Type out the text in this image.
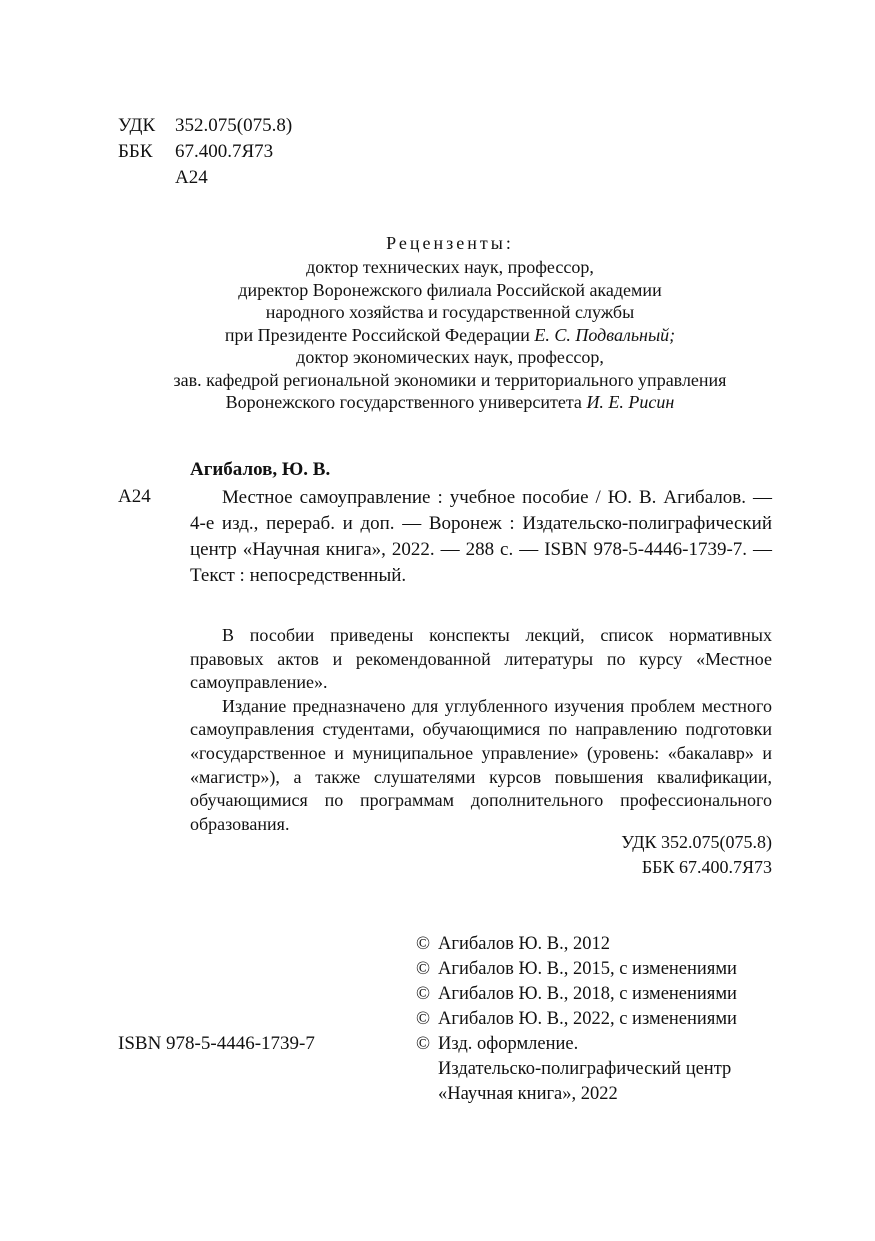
УДК 352.075(075.8)
ББК 67.400.7Я73
А24
Рецензенты:
доктор технических наук, профессор,
директор Воронежского филиала Российской академии
народного хозяйства и государственной службы
при Президенте Российской Федерации Е. С. Подвальный;
доктор экономических наук, профессор,
зав. кафедрой региональной экономики и территориального управления
Воронежского государственного университета И. Е. Рисин
Агибалов, Ю. В.
А24	Местное самоуправление : учебное пособие / Ю. В. Агибалов. — 4-е изд., перераб. и доп. — Воронеж : Издательско-полиграфический центр «Научная книга», 2022. — 288 с. — ISBN 978-5-4446-1739-7. — Текст : непосредственный.

В пособии приведены конспекты лекций, список нормативных правовых актов и рекомендованной литературы по курсу «Местное самоуправление».

Издание предназначено для углубленного изучения проблем местного самоуправления студентами, обучающимися по направлению подготовки «государственное и муниципальное управление» (уровень: «бакалавр» и «магистр»), а также слушателями курсов повышения квалификации, обучающимися по программам дополнительного профессионального образования.

УДК 352.075(075.8)
ББК 67.400.7Я73
ISBN 978-5-4446-1739-7
© Агибалов Ю. В., 2012
© Агибалов Ю. В., 2015, с изменениями
© Агибалов Ю. В., 2018, с изменениями
© Агибалов Ю. В., 2022, с изменениями
© Изд. оформление.
Издательско-полиграфический центр
«Научная книга», 2022
